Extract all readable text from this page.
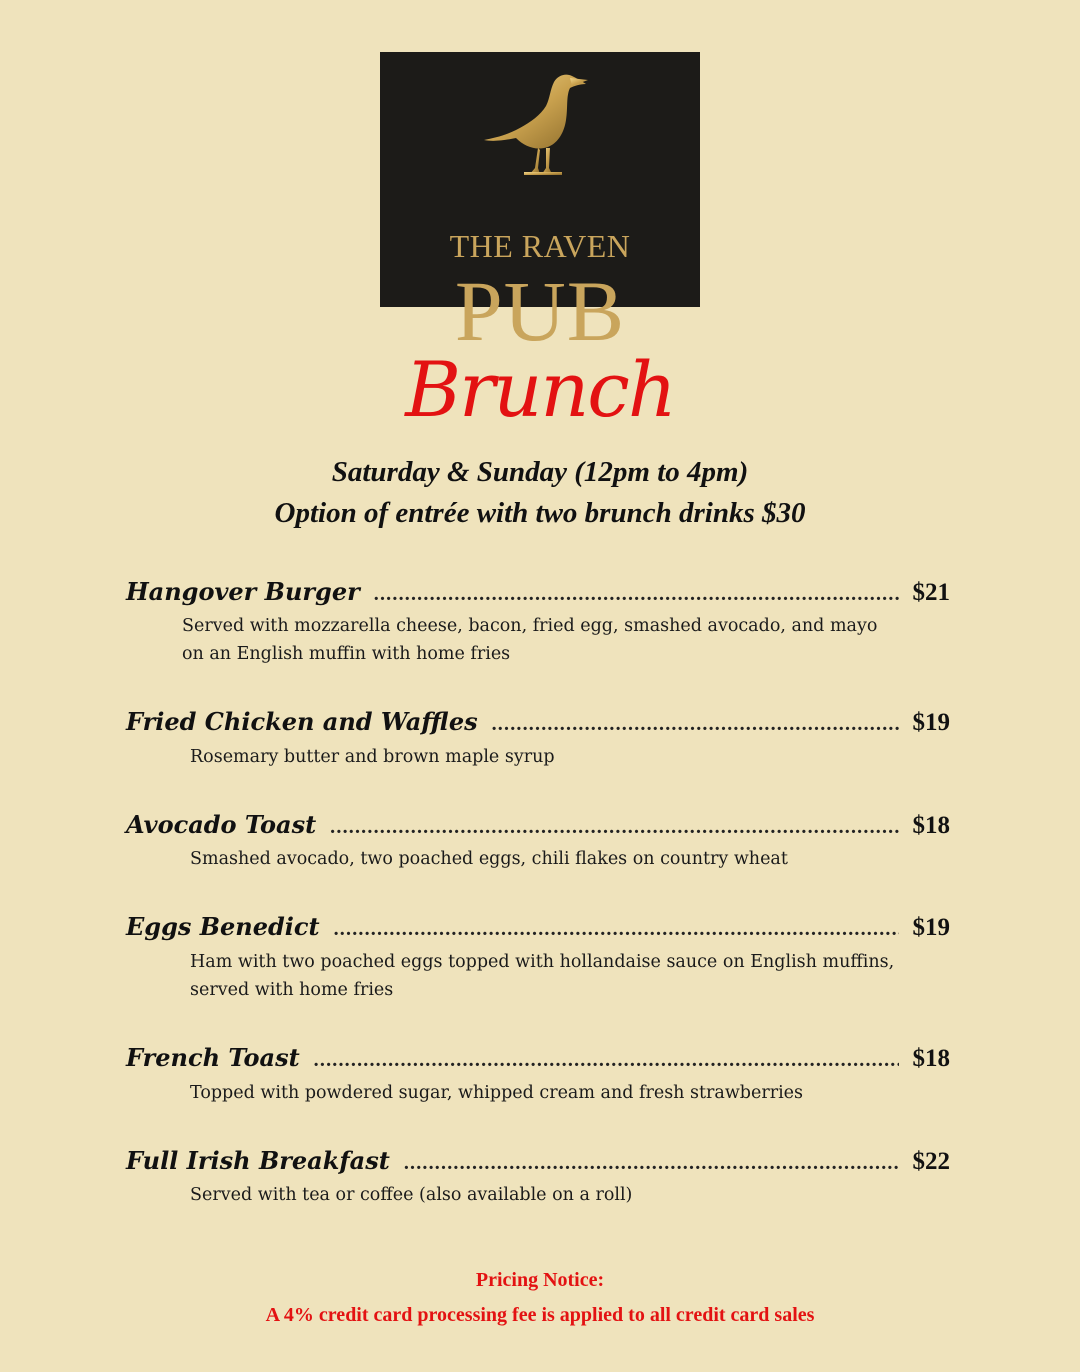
THE RAVEN
PUB
Brunch
Saturday & Sunday (12pm to 4pm)
Option of entrée with two brunch drinks $30
Hangover Burger .....	$21
Served with mozzarella cheese, bacon, fried egg, smashed avocado, and mayo
on an English muffin with home fries
Fried Chicken and Waffles .....	$19
Rosemary butter and brown maple syrup
Avocado Toast .....	$18
Smashed avocado, two poached eggs, chili flakes on country wheat
Eggs Benedict .....	$19
Ham with two poached eggs topped with hollandaise sauce on English muffins,
served with home fries
French Toast .....	$18
Topped with powdered sugar, whipped cream and fresh strawberries
Full Irish Breakfast .....	$22
Served with tea or coffee (also available on a roll)
Pricing Notice:
A 4% credit card processing fee is applied to all credit card sales
